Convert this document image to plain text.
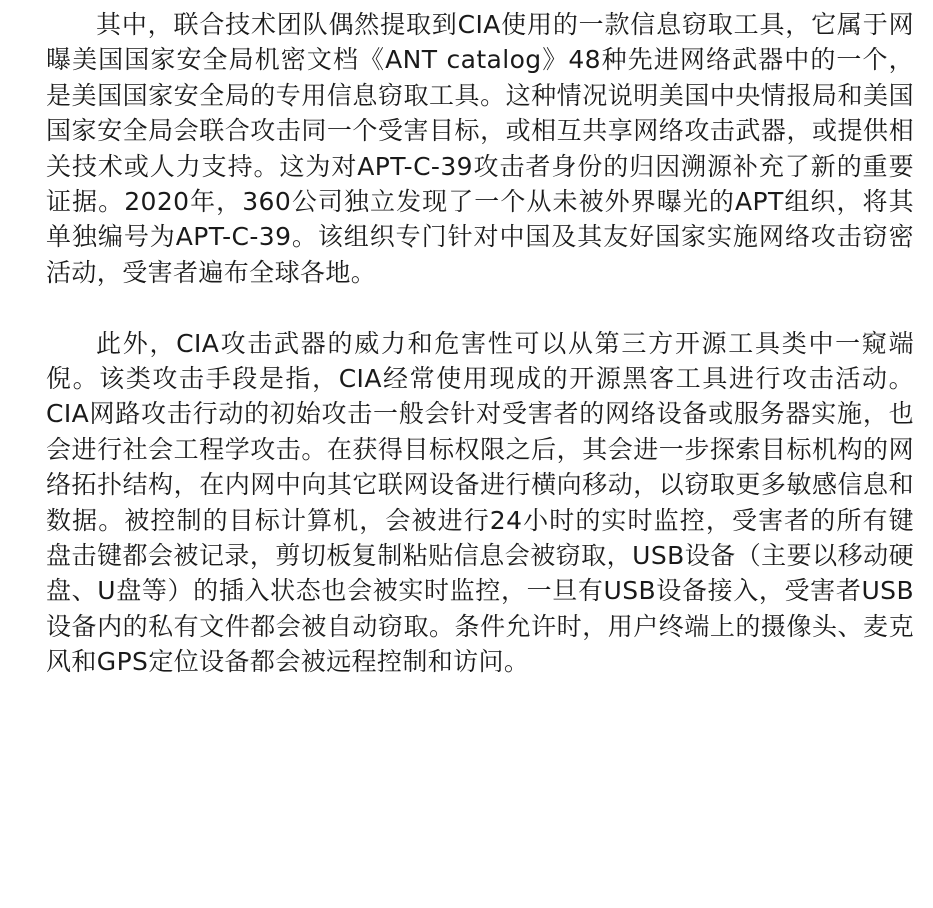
其中，联合技术团队偶然提取到CIA使用的一款信息窃取工具，它属于网曝美国国家安全局机密文档《ANT catalog》48种先进网络武器中的一个，是美国国家安全局的专用信息窃取工具。这种情况说明美国中央情报局和美国国家安全局会联合攻击同一个受害目标，或相互共享网络攻击武器，或提供相关技术或人力支持。这为对APT-C-39攻击者身份的归因溯源补充了新的重要证据。2020年，360公司独立发现了一个从未被外界曝光的APT组织，将其单独编号为APT-C-39。该组织专门针对中国及其友好国家实施网络攻击窃密活动，受害者遍布全球各地。

此外，CIA攻击武器的威力和危害性可以从第三方开源工具类中一窥端倪。该类攻击手段是指，CIA经常使用现成的开源黑客工具进行攻击活动。CIA网路攻击行动的初始攻击一般会针对受害者的网络设备或服务器实施，也会进行社会工程学攻击。在获得目标权限之后，其会进一步探索目标机构的网络拓扑结构，在内网中向其它联网设备进行横向移动，以窃取更多敏感信息和数据。被控制的目标计算机，会被进行24小时的实时监控，受害者的所有键盘击键都会被记录，剪切板复制粘贴信息会被窃取，USB设备（主要以移动硬盘、U盘等）的插入状态也会被实时监控，一旦有USB设备接入，受害者USB设备内的私有文件都会被自动窃取。条件允许时，用户终端上的摄像头、麦克风和GPS定位设备都会被远程控制和访问。
